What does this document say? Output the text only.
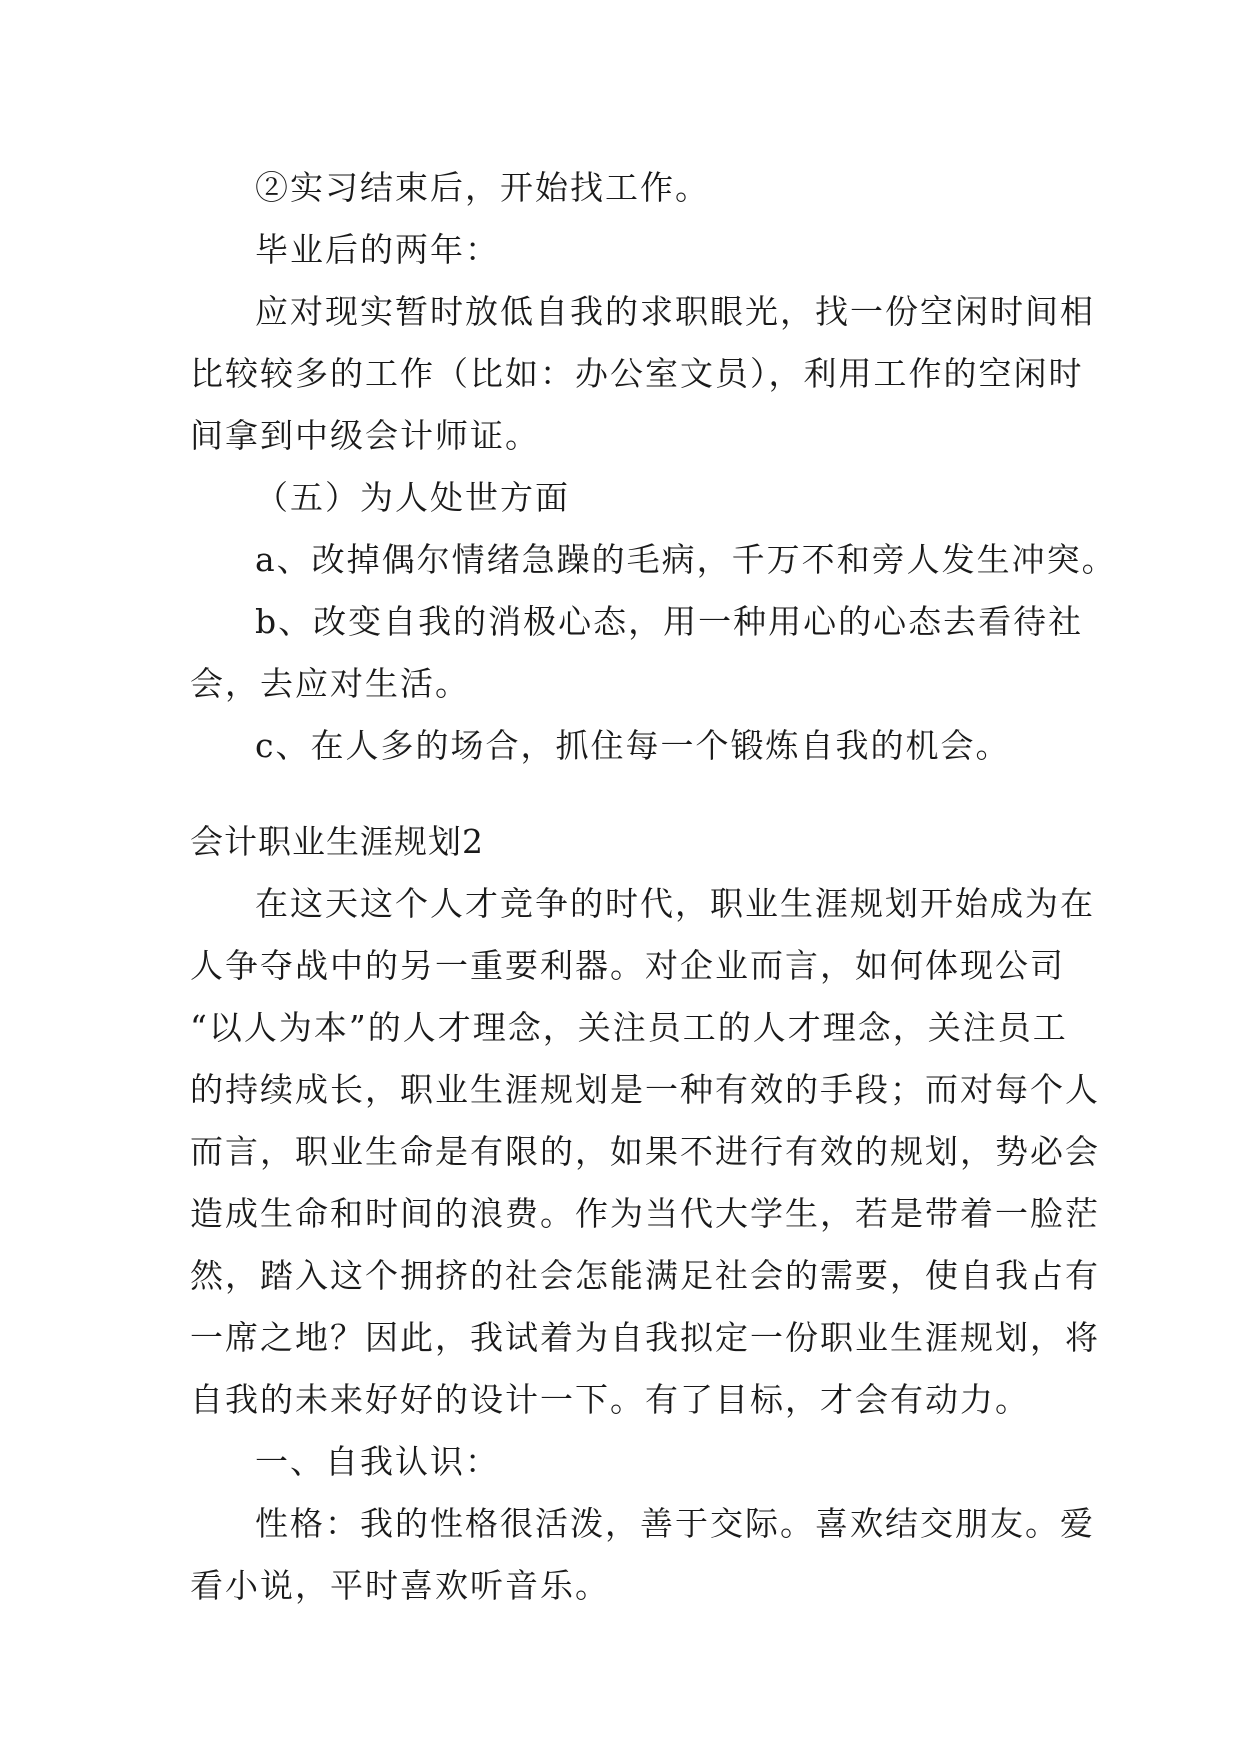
②实习结束后，开始找工作。
毕业后的两年：
应对现实暂时放低自我的求职眼光，找一份空闲时间相
比较较多的工作（比如：办公室文员），利用工作的空闲时
间拿到中级会计师证。
（五）为人处世方面
a、改掉偶尔情绪急躁的毛病，千万不和旁人发生冲突。
b、改变自我的消极心态，用一种用心的心态去看待社
会，去应对生活。
c、在人多的场合，抓住每一个锻炼自我的机会。
会计职业生涯规划2
在这天这个人才竞争的时代，职业生涯规划开始成为在
人争夺战中的另一重要利器。对企业而言，如何体现公司
“以人为本”的人才理念，关注员工的人才理念，关注员工
的持续成长，职业生涯规划是一种有效的手段；而对每个人
而言，职业生命是有限的，如果不进行有效的规划，势必会
造成生命和时间的浪费。作为当代大学生，若是带着一脸茫
然，踏入这个拥挤的社会怎能满足社会的需要，使自我占有
一席之地？因此，我试着为自我拟定一份职业生涯规划，将
自我的未来好好的设计一下。有了目标，才会有动力。
一、自我认识：
性格：我的性格很活泼，善于交际。喜欢结交朋友。爱
看小说，平时喜欢听音乐。
